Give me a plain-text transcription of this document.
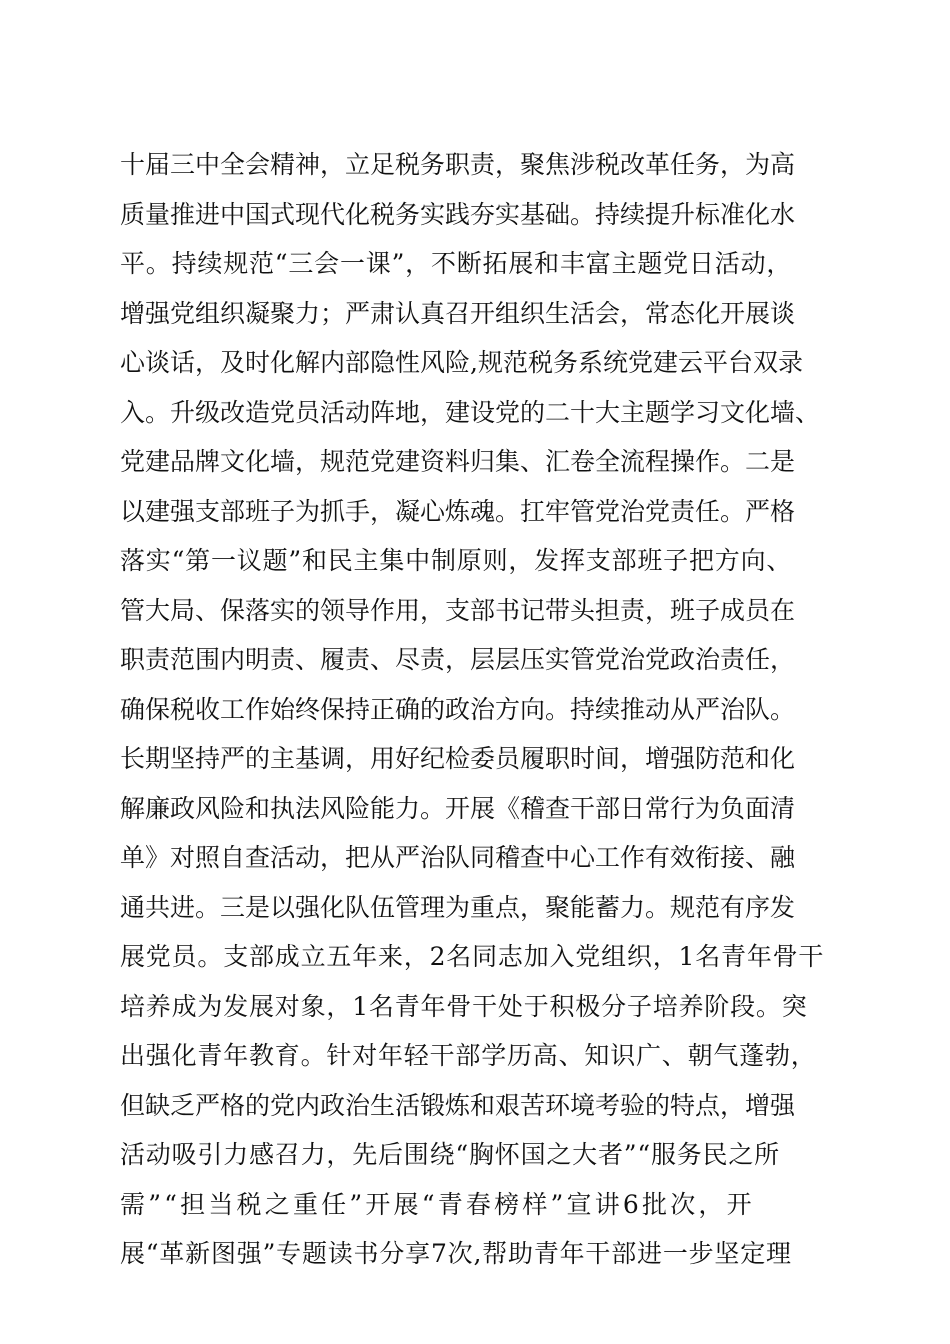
十届三中全会精神，立足税务职责，聚焦涉税改革任务，为高
质量推进中国式现代化税务实践夯实基础。持续提升标准化水
平。持续规范“三会一课”，不断拓展和丰富主题党日活动，
增强党组织凝聚力；严肃认真召开组织生活会，常态化开展谈
心谈话，及时化解内部隐性风险,规范税务系统党建云平台双录
入。升级改造党员活动阵地，建设党的二十大主题学习文化墙、
党建品牌文化墙，规范党建资料归集、汇卷全流程操作。二是
以建强支部班子为抓手，凝心炼魂。扛牢管党治党责任。严格
落实“第一议题”和民主集中制原则，发挥支部班子把方向、
管大局、保落实的领导作用，支部书记带头担责，班子成员在
职责范围内明责、履责、尽责，层层压实管党治党政治责任，
确保税收工作始终保持正确的政治方向。持续推动从严治队。
长期坚持严的主基调，用好纪检委员履职时间，增强防范和化
解廉政风险和执法风险能力。开展《稽查干部日常行为负面清
单》对照自查活动，把从严治队同稽查中心工作有效衔接、融
通共进。三是以强化队伍管理为重点，聚能蓄力。规范有序发
展党员。支部成立五年来，2名同志加入党组织，1名青年骨干
培养成为发展对象，1名青年骨干处于积极分子培养阶段。突
出强化青年教育。针对年轻干部学历高、知识广、朝气蓬勃，
但缺乏严格的党内政治生活锻炼和艰苦环境考验的特点，增强
活动吸引力感召力，先后围绕“胸怀国之大者”“服务民之所
需”“担当税之重任”开展“青春榜样”宣讲6批次，开
展“革新图强”专题读书分享7次,帮助青年干部进一步坚定理
